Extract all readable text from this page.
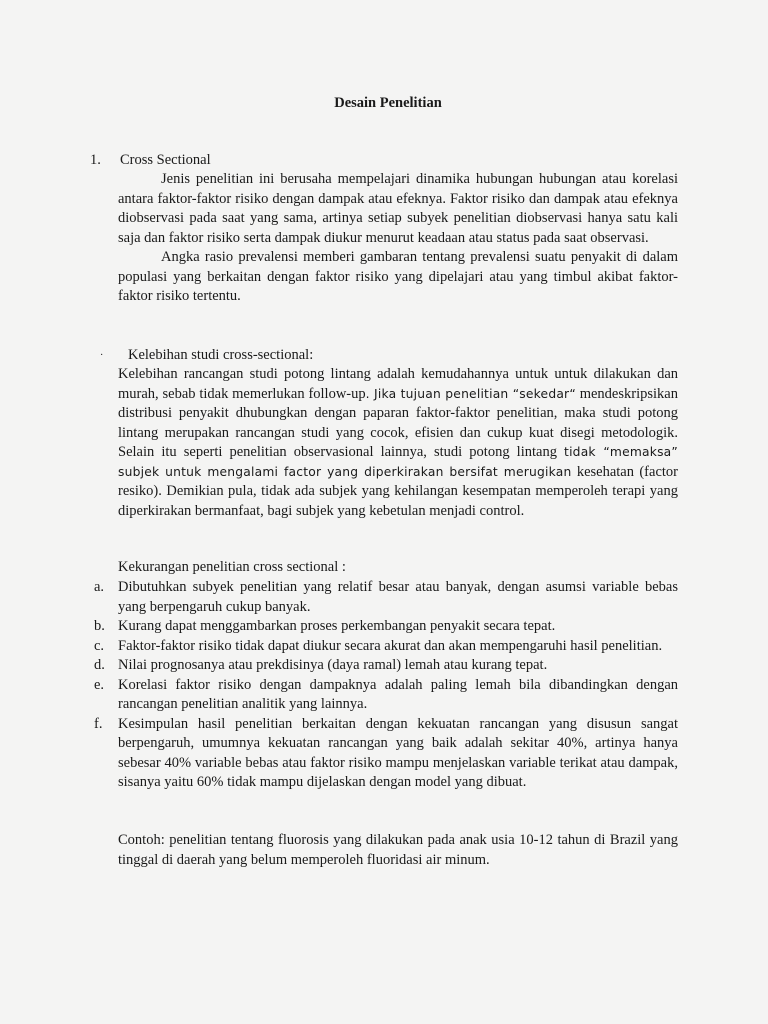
Desain Penelitian
1. Cross Sectional

Jenis penelitian ini berusaha mempelajari dinamika hubungan hubungan atau korelasi antara faktor-faktor risiko dengan dampak atau efeknya. Faktor risiko dan dampak atau efeknya diobservasi pada saat yang sama, artinya setiap subyek penelitian diobservasi hanya satu kali saja dan faktor risiko serta dampak diukur menurut keadaan atau status pada saat observasi.

Angka rasio prevalensi memberi gambaran tentang prevalensi suatu penyakit di dalam populasi yang berkaitan dengan faktor risiko yang dipelajari atau yang timbul akibat faktor-faktor risiko tertentu.

· Kelebihan studi cross-sectional:

Kelebihan rancangan studi potong lintang adalah kemudahannya untuk untuk dilakukan dan murah, sebab tidak memerlukan follow-up. Jika tujuan penelitian “sekedar“ mendeskripsikan distribusi penyakit dhubungkan dengan paparan faktor-faktor penelitian, maka studi potong lintang merupakan rancangan studi yang cocok, efisien dan cukup kuat disegi metodologik. Selain itu seperti penelitian observasional lainnya, studi potong lintang tidak “memaksa” subjek untuk mengalami factor yang diperkirakan bersifat merugikan kesehatan (factor resiko). Demikian pula, tidak ada subjek yang kehilangan kesempatan memperoleh terapi yang diperkirakan bermanfaat, bagi subjek yang kebetulan menjadi control.

Kekurangan penelitian cross sectional :
a. Dibutuhkan subyek penelitian yang relatif besar atau banyak, dengan asumsi variable bebas yang berpengaruh cukup banyak.
b. Kurang dapat menggambarkan proses perkembangan penyakit secara tepat.
c. Faktor-faktor risiko tidak dapat diukur secara akurat dan akan mempengaruhi hasil penelitian.
d. Nilai prognosanya atau prekdisinya (daya ramal) lemah atau kurang tepat.
e. Korelasi faktor risiko dengan dampaknya adalah paling lemah bila dibandingkan dengan rancangan penelitian analitik yang lainnya.
f. Kesimpulan hasil penelitian berkaitan dengan kekuatan rancangan yang disusun sangat berpengaruh, umumnya kekuatan rancangan yang baik adalah sekitar 40%, artinya hanya sebesar 40% variable bebas atau faktor risiko mampu menjelaskan variable terikat atau dampak, sisanya yaitu 60% tidak mampu dijelaskan dengan model yang dibuat.
Contoh: penelitian tentang fluorosis yang dilakukan pada anak usia 10-12 tahun di Brazil yang tinggal di daerah yang belum memperoleh fluoridasi air minum.
